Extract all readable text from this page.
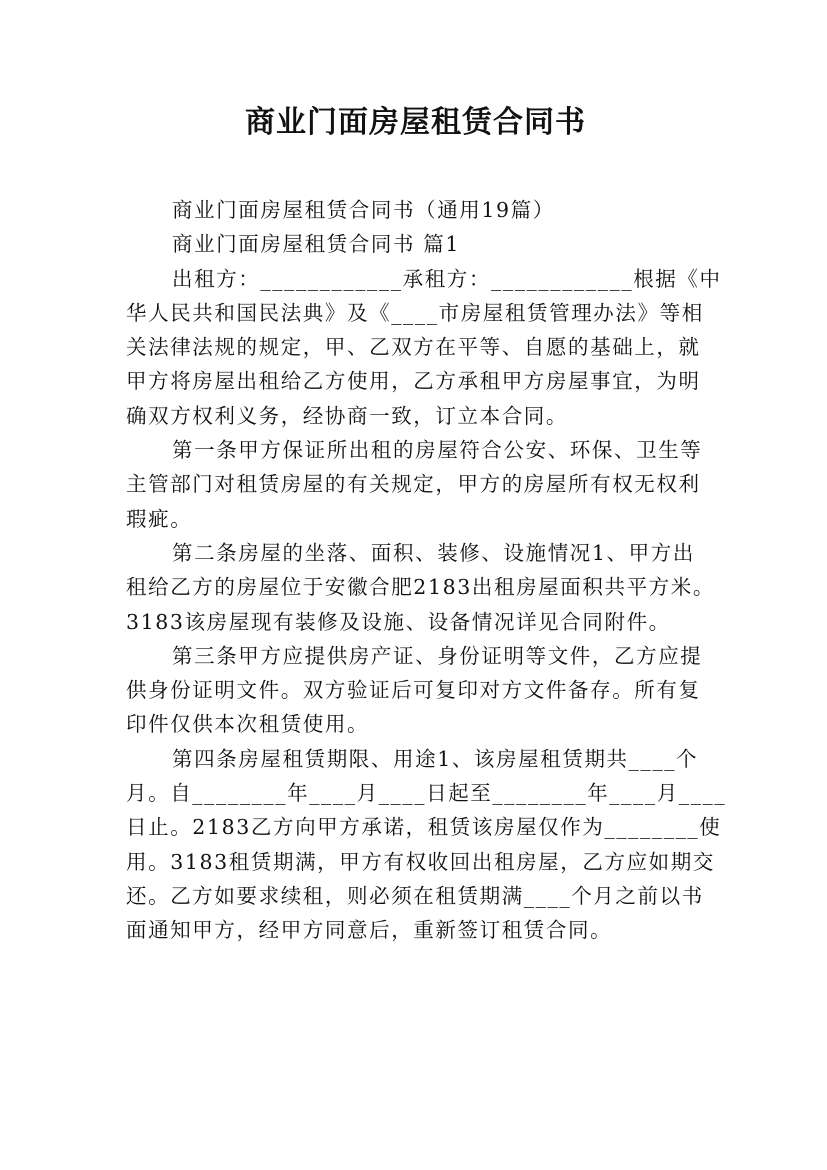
商业门面房屋租赁合同书
商业门面房屋租赁合同书（通用19篇）
商业门面房屋租赁合同书 篇1
出租方：____________承租方：____________根据《中
华人民共和国民法典》及《____市房屋租赁管理办法》等相
关法律法规的规定，甲、乙双方在平等、自愿的基础上，就
甲方将房屋出租给乙方使用，乙方承租甲方房屋事宜，为明
确双方权利义务，经协商一致，订立本合同。
第一条甲方保证所出租的房屋符合公安、环保、卫生等
主管部门对租赁房屋的有关规定，甲方的房屋所有权无权利
瑕疵。
第二条房屋的坐落、面积、装修、设施情况1、甲方出
租给乙方的房屋位于安徽合肥2183出租房屋面积共平方米。
3183该房屋现有装修及设施、设备情况详见合同附件。
第三条甲方应提供房产证、身份证明等文件，乙方应提
供身份证明文件。双方验证后可复印对方文件备存。所有复
印件仅供本次租赁使用。
第四条房屋租赁期限、用途1、该房屋租赁期共____个
月。自________年____月____日起至________年____月____
日止。2183乙方向甲方承诺，租赁该房屋仅作为________使
用。3183租赁期满，甲方有权收回出租房屋，乙方应如期交
还。乙方如要求续租，则必须在租赁期满____个月之前以书
面通知甲方，经甲方同意后，重新签订租赁合同。
